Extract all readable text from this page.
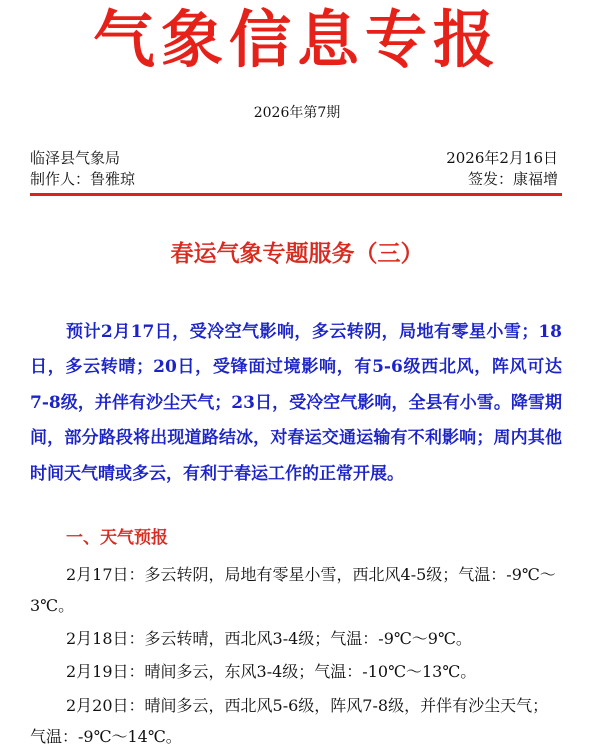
气象信息专报
2026年第7期
临泽县气象局
制作人：鲁雅琼
2026年2月16日
签发：康福增
春运气象专题服务（三）

预计2月17日，受冷空气影响，多云转阴，局地有零星小雪；18日，多云转晴；20日，受锋面过境影响，有5-6级西北风，阵风可达7-8级，并伴有沙尘天气；23日，受冷空气影响，全县有小雪。降雪期间，部分路段将出现道路结冰，对春运交通运输有不利影响；周内其他时间天气晴或多云，有利于春运工作的正常开展。

一、天气预报

2月17日：多云转阴，局地有零星小雪，西北风4-5级；气温：-9℃～3℃。

2月18日：多云转晴，西北风3-4级；气温：-9℃～9℃。

2月19日：晴间多云，东风3-4级；气温：-10℃～13℃。

2月20日：晴间多云，西北风5-6级，阵风7-8级，并伴有沙尘天气；气温：-9℃～14℃。
